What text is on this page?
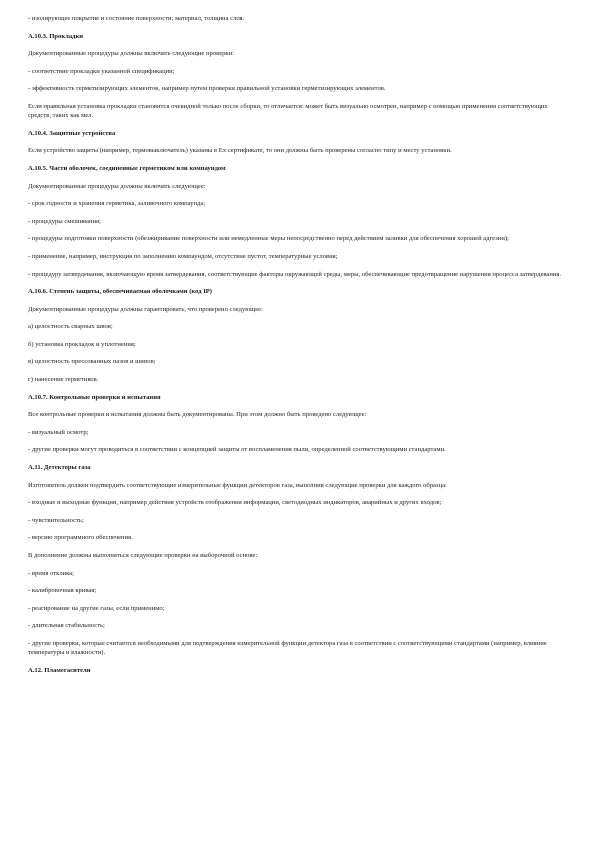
- изолирующее покрытие и состояние поверхности; материал, толщина слоя.

А.10.3. Прокладки

Документированные процедуры должны включать следующие проверки:

- соответствие прокладки указанной спецификации;

- эффективность герметизирующих элементов, например путем проверки правильной установки герметизирующих элементов.

Если правильная установка прокладки становится очевидной только после сборки, то отличается: может быть визуально осмотрен, например с помощью применения соответствующих средств, таких как мел.

А.10.4. Защитные устройства

Если устройство защиты (например, термовыключатель) указаны в Ex сертификате, то они должны быть проверены согласно типу и месту установки.

А.10.5. Части оболочек, соединенные герметиком или компаундом

Документированные процедуры должны включать следующее:

- срок годности и хранения герметика, заливочного компаунда;

- процедуры смешивания;

- процедуры подготовки поверхности (обезжиривание поверхности или немедленные меры непосредственно перед действием заливки для обеспечения хорошей адгезии);

- применение, например, инструкция по заполнению компаундом, отсутствие пустот, температурные условия;

- процедуру затвердевания, включающую время затвердевания, соответствующие факторы окружающей среды, меры, обеспечивающие предотвращение нарушения процесса затвердевания.

А.10.6. Степень защиты, обеспечиваемая оболочками (код IP)

Документированные процедуры должны гарантировать, что проверено следующее:

а) целостность сварных швов;

б) установка прокладок и уплотнения;

в) целостность прессованных пазов и шипов;

г) нанесение герметиков.

А.10.7. Контрольные проверки и испытания

Все контрольные проверки и испытания должны быть документированы. При этом должно быть проведено следующее:

- визуальный осмотр;

- другие проверки могут проводиться в соответствии с концепцией защиты от воспламенения пыли, определенной соответствующими стандартами.

А.11. Детекторы газа

Изготовитель должен подтвердить соответствующие измерительные функции детекторов газа, выполнив следующие проверки для каждого образца:

- входные и выходные функции, например действия устройств отображения информации, светодиодных индикаторов, аварийных и других входов;

- чувствительность;

- версию программного обеспечения.

В дополнение должны выполняться следующие проверки на выборочной основе:

- время отклика;

- калибровочная кривая;

- реагирование на другие газы, если применимо;

- длительная стабильность;

- другие проверки, которые считаются необходимыми для подтверждения измерительной функции детектора газа в соответствии с соответствующими стандартами (например, влияние температуры и влажности).

А.12. Пламегасители
